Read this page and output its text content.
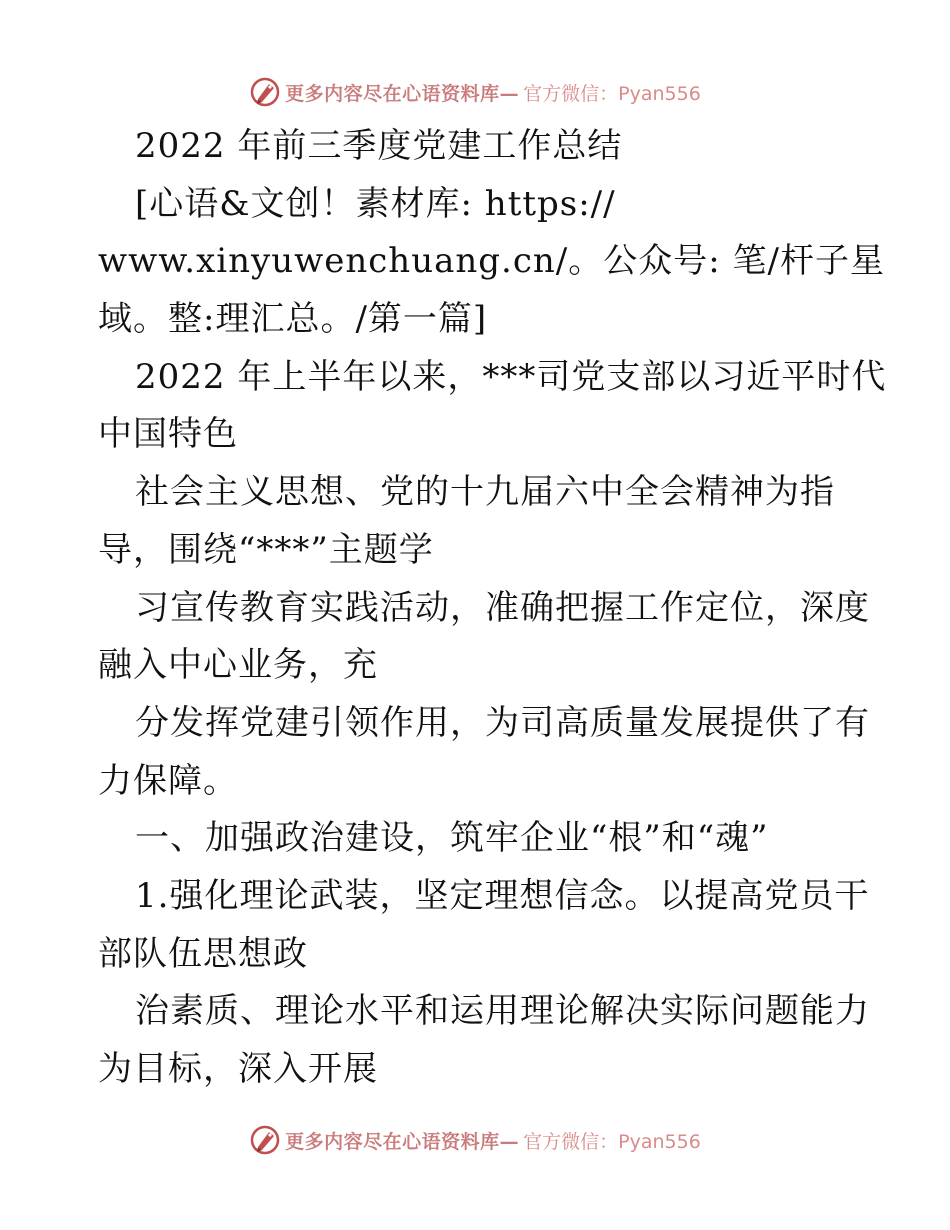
更多内容尽在心语资料库— 官方微信：Pyan556
2022 年前三季度党建工作总结
[心语&文创！素材库: https://
www.xinyuwenchuang.cn/。公众号: 笔/杆子星
域。整:理汇总。/第一篇]
2022 年上半年以来，***司党支部以习近平时代
中国特色
社会主义思想、党的十九届六中全会精神为指
导，围绕“***”主题学
习宣传教育实践活动，准确把握工作定位，深度
融入中心业务，充
分发挥党建引领作用，为司高质量发展提供了有
力保障。
一、加强政治建设，筑牢企业“根”和“魂”
1.强化理论武装，坚定理想信念。以提高党员干
部队伍思想政
治素质、理论水平和运用理论解决实际问题能力
为目标，深入开展
更多内容尽在心语资料库— 官方微信：Pyan556
